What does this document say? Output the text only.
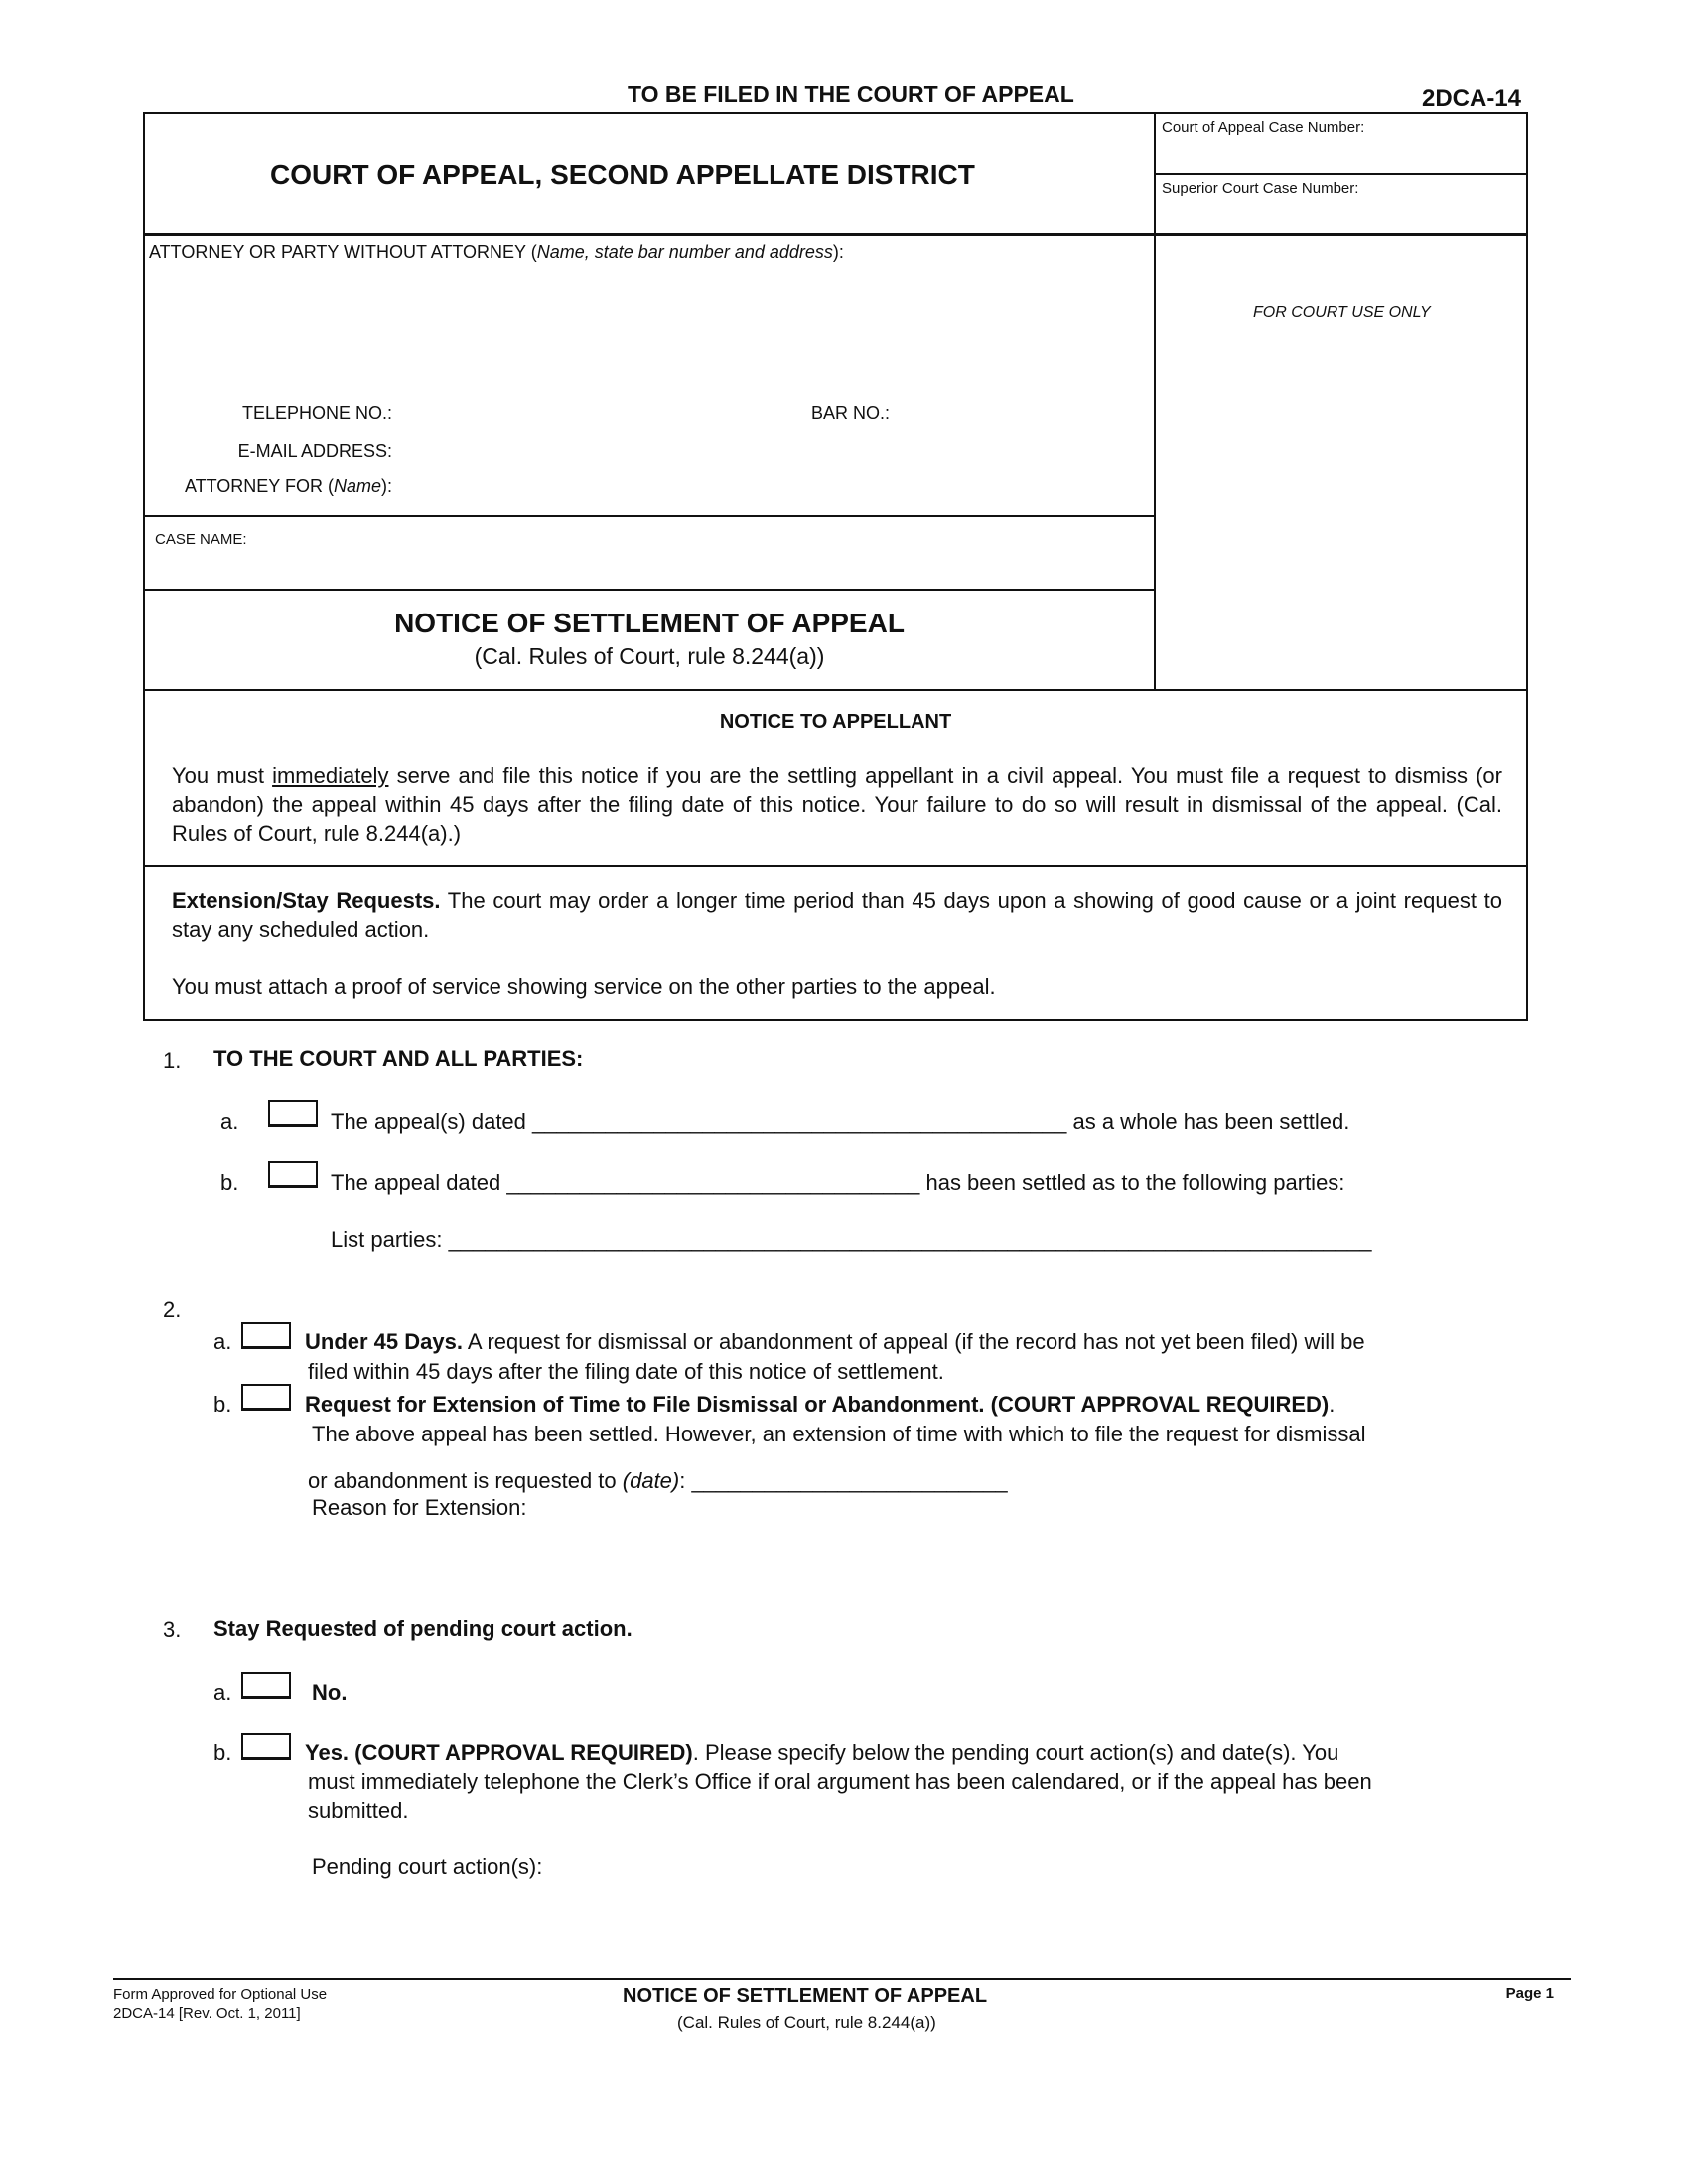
TO BE FILED IN THE COURT OF APPEAL	2DCA-14
COURT OF APPEAL, SECOND APPELLATE DISTRICT
Court of Appeal Case Number:
Superior Court Case Number:
ATTORNEY OR PARTY WITHOUT ATTORNEY (Name, state bar number and address):
TELEPHONE NO.:	BAR NO.:
E-MAIL ADDRESS:
ATTORNEY FOR (Name):
FOR COURT USE ONLY
CASE NAME:
NOTICE OF SETTLEMENT OF APPEAL
(Cal. Rules of Court, rule 8.244(a))
NOTICE TO APPELLANT
You must immediately serve and file this notice if you are the settling appellant in a civil appeal. You must file a request to dismiss (or abandon) the appeal within 45 days after the filing date of this notice. Your failure to do so will result in dismissal of the appeal. (Cal. Rules of Court, rule 8.244(a).)
Extension/Stay Requests. The court may order a longer time period than 45 days upon a showing of good cause or a joint request to stay any scheduled action.
You must attach a proof of service showing service on the other parties to the appeal.
1. TO THE COURT AND ALL PARTIES:
a.	The appeal(s) dated ____________________________________________ as a whole has been settled.
b.	The appeal dated __________________________________ has been settled as to the following parties:
List parties: ____________________________________________________________________________
2.
a.	Under 45 Days. A request for dismissal or abandonment of appeal (if the record has not yet been filed) will be
filed within 45 days after the filing date of this notice of settlement.
b.	Request for Extension of Time to File Dismissal or Abandonment. (COURT APPROVAL REQUIRED).
The above appeal has been settled. However, an extension of time with which to file the request for dismissal
or abandonment is requested to (date): __________________________
Reason for Extension:
3. Stay Requested of pending court action.
a.	No.
b.	Yes. (COURT APPROVAL REQUIRED). Please specify below the pending court action(s) and date(s). You
must immediately telephone the Clerk’s Office if oral argument has been calendared, or if the appeal has been
submitted.
Pending court action(s):
Form Approved for Optional Use
2DCA-14 [Rev. Oct. 1, 2011]
NOTICE OF SETTLEMENT OF APPEAL
(Cal. Rules of Court, rule 8.244(a))
Page 1
